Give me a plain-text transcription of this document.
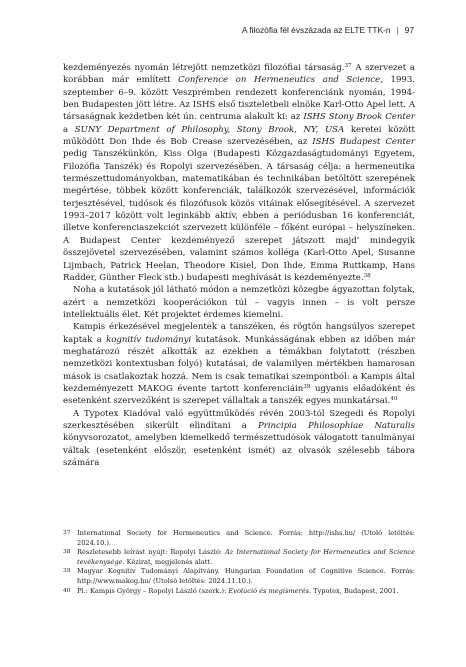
A filozófia fél évszázada az ELTE TTK-n | 97

kezdeményezés nyomán létrejött nemzetközi filozófiai társaság.$^{37}$ A szervezet a korábban már említett Conference on Hermeneutics and Science, 1993. szeptember 6–9. között Veszprémben rendezett konferenciánk nyomán, 1994-ben Budapesten jött létre. Az ISHS első tiszteletbeli elnöke Karl-Otto Apel lett. A társaságnak kezdetben két ún. centruma alakult ki: az ISHS Stony Brook Center a SUNY Department of Philosophy, Stony Brook, NY, USA keretei között működött Don Ihde és Bob Crease szervezésében, az ISHS Budapest Center pedig Tanszékünkön, Kiss Olga (Budapesti Közgazdaságtudományi Egyetem, Filozófia Tanszék) és Ropolyi szervezésében. A társaság célja: a hermeneutika természettudományokban, matematikában és technikában betöltött szerepének megértése, többek között konferenciák, találkozók szervezésével, információk terjesztésével, tudósok és filozófusok közös vitáinak elősegítésével. A szervezet 1993–2017 között volt leginkább aktív, ebben a periódusban 16 konferenciát, illetve konferenciaszekciót szervezett különféle – főként európai – helyszíneken. A Budapest Center kezdeményező szerepet játszott majd’ mindegyik összejövetel szervezésében, valamint számos kolléga (Karl-Otto Apel, Susanne Lijmbach, Patrick Heelan, Theodore Kisiel, Don Ihde, Emma Ruttkamp, Hans Radder, Günther Fleck stb.) budapesti meghívását is kezdeményezte.$^{38}$

Noha a kutatások jól látható módon a nemzetközi közegbe ágyazottan folytak, azért a nemzetközi kooperációkon túl – vagyis innen – is volt persze intellektuális élet. Két projektet érdemes kiemelni.

Kampis érkezésével megjelentek a tanszéken, és rögtön hangsúlyos szerepet kaptak a kognitív tudományi kutatások. Munkásságának ebben az időben már meghatározó részét alkották az ezekben a témákban folytatott (részben nemzetközi kontextusban folyó) kutatásai, de valamilyen mértékben hamarosan mások is csatlakoztak hozzá. Nem is csak tematikai szempontból: a Kampis által kezdeményezett MAKOG évente tartott konferenciáin$^{39}$ ugyanis előadóként és esetenként szervezőként is szerepet vállaltak a tanszék egyes munkatársai.$^{40}$

A Typotex Kiadóval való együttműködés révén 2003-tól Szegedi és Ropolyi szerkesztésében sikerült elindítani a Principia Philosophiae Naturalis könyvsorozatot, amelyben kiemelkedő természettudósok válogatott tanulmányai váltak (esetenként először, esetenként ismét) az olvasók szélesebb tábora számára

37	International Society for Hermeneutics and Science. Forrás: http://ishs.hu/ (Utoló letöltés: 2024.10.).
38	Részletesebb leírást nyújt: Ropolyi László: Az International Society for Hermeneutics and Science tevékenysége. Kézirat, megjelenés alatt.
39	Magyar Kognitív Tudományi Alapítvány. Hungarian Foundation of Cognitive Science. Forrás: http://www.makog.hu/ (Utolsó letöltés: 2024.11.10.).
40	Pl.: Kampis György – Ropolyi László (szerk.): Evolúció és megismerés. Typotex, Budapest, 2001.
